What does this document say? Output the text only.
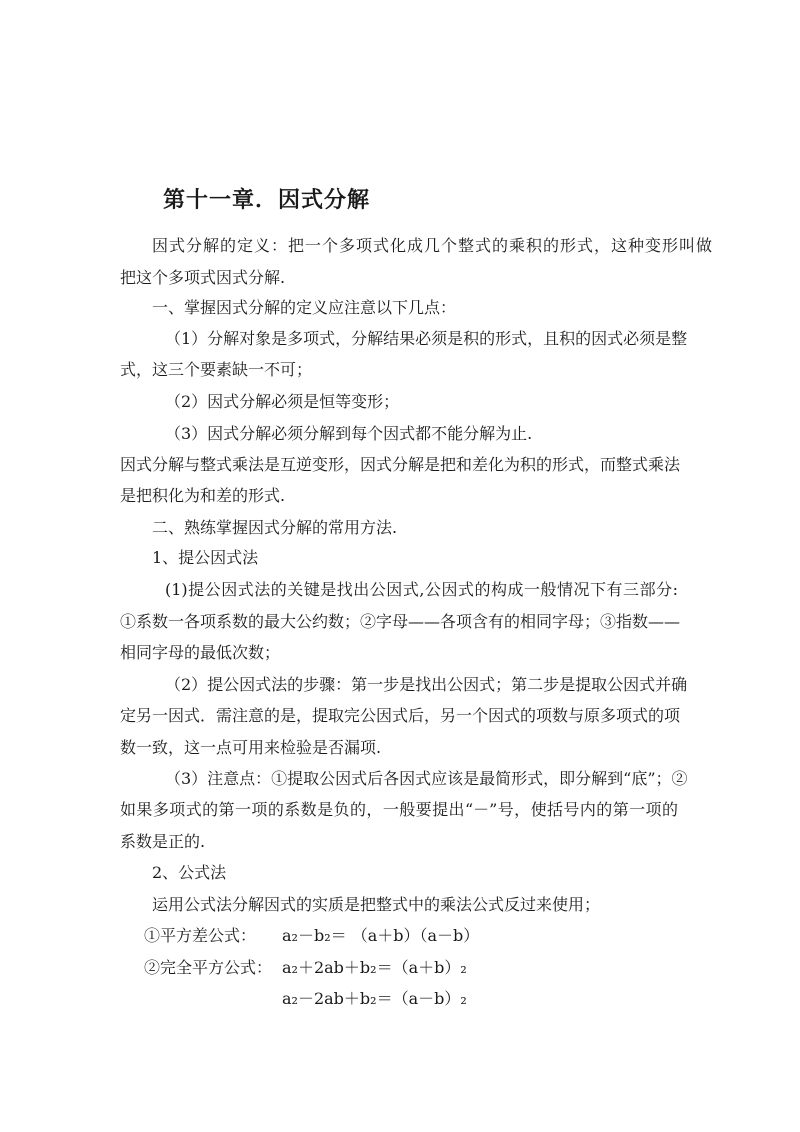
第十一章．因式分解
因式分解的定义：把一个多项式化成几个整式的乘积的形式，这种变形叫做
把这个多项式因式分解.
一、掌握因式分解的定义应注意以下几点：
（1）分解对象是多项式，分解结果必须是积的形式，且积的因式必须是整
式，这三个要素缺一不可；
（2）因式分解必须是恒等变形；
（3）因式分解必须分解到每个因式都不能分解为止.
因式分解与整式乘法是互逆变形，因式分解是把和差化为积的形式，而整式乘法
是把积化为和差的形式.
二、熟练掌握因式分解的常用方法.
1、提公因式法
(1)提公因式法的关键是找出公因式,公因式的构成一般情况下有三部分:
①系数一各项系数的最大公约数；②字母——各项含有的相同字母；③指数——
相同字母的最低次数；
（2）提公因式法的步骤：第一步是找出公因式；第二步是提取公因式并确
定另一因式．需注意的是，提取完公因式后，另一个因式的项数与原多项式的项
数一致，这一点可用来检验是否漏项.
（3）注意点：①提取公因式后各因式应该是最简形式，即分解到“底”；②
如果多项式的第一项的系数是负的，一般要提出“－”号，使括号内的第一项的
系数是正的.
2、公式法
运用公式法分解因式的实质是把整式中的乘法公式反过来使用；
①平方差公式： a₂－b₂＝ （a＋b）（a－b）
②完全平方公式： a₂＋2ab＋b₂＝（a＋b）₂
a₂－2ab＋b₂＝（a－b）₂
